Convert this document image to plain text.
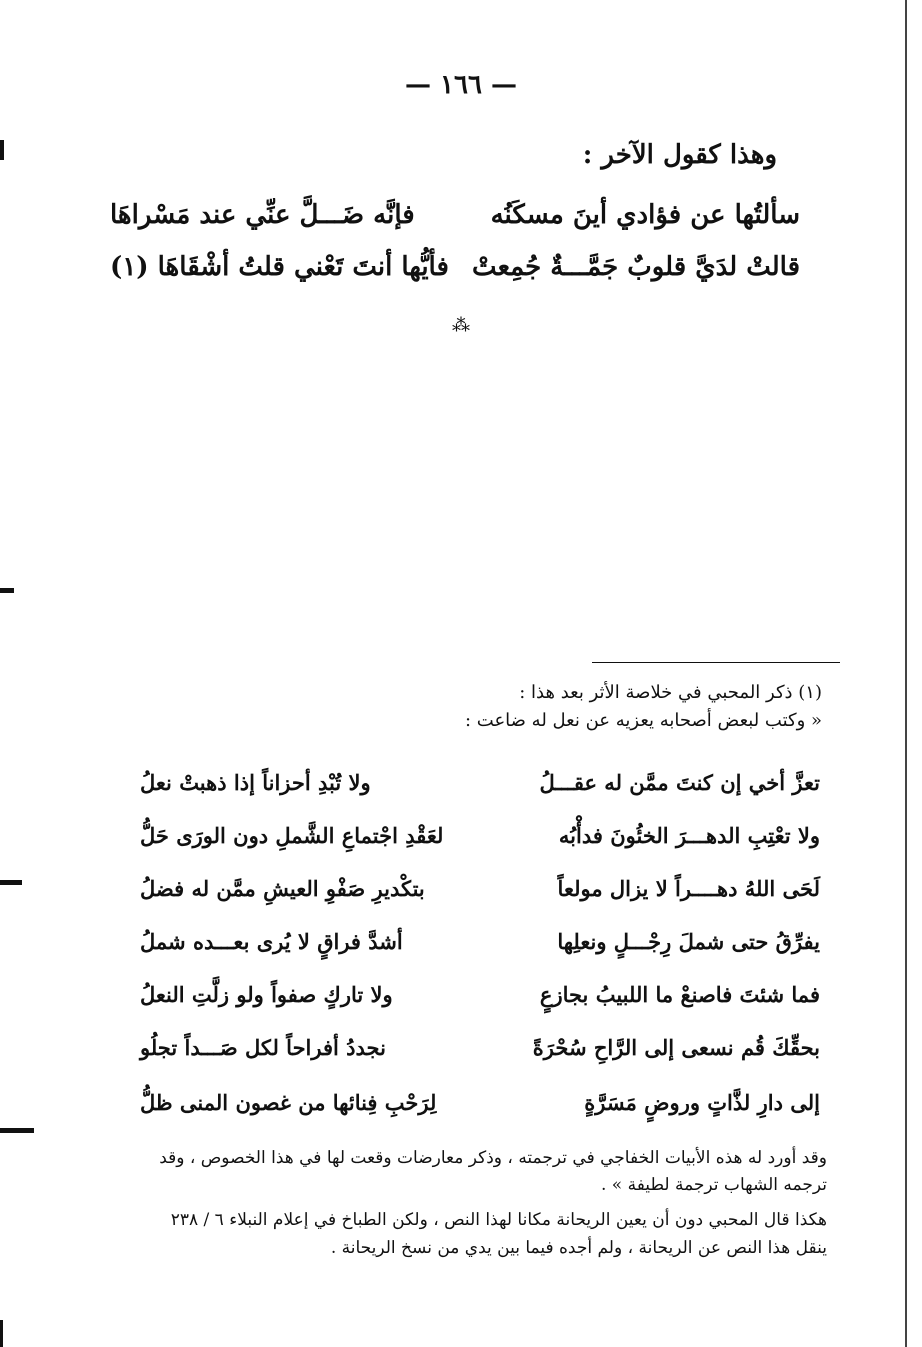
— ١٦٦ —
وهذا كقول الآخر :
سألتُها عن فؤادي أينَ مسكَنُه
فإنَّه ضَـــلَّ عنِّي عند مَسْراهَا
قالتْ لدَيَّ قلوبٌ جَمَّـــةٌ جُمِعتْ
فأيُّها أنتَ تَعْني قلتُ أشْقَاهَا (١)
⁂
(١) ذكر المحبي في خلاصة الأثر بعد هذا :
« وكتب لبعض أصحابه يعزيه عن نعل له ضاعت :
تعزَّ أخي إن كنتَ ممَّن له عقـــلُ
ولا تُبْدِ أحزاناً إذا ذهبتْ نعلُ
ولا تعْتِبِ الدهـــرَ الخئُونَ فدأْبُه
لعَقْدِ اجْتماعِ الشَّملِ دون الورَى حَلُّ
لَحَى اللهُ دهــــراً لا يزال مولعاً
بتكْديرِ صَفْوِ العيشِ ممَّن له فضلُ
يفرِّقُ حتى شملَ رِجْـــلٍ ونعلِها
أشدَّ فراقٍ لا يُرى بعـــده شملُ
فما شئتَ فاصنعْ ما اللبيبُ بجازعٍ
ولا تاركٍ صفواً ولو زلَّتِ النعلُ
بحقِّكَ قُم نسعى إلى الرَّاحِ سُحْرَةً
نجددُ أفراحاً لكل صَـــداً تجلُو
إلى دارِ لذَّاتٍ وروضٍ مَسَرَّةٍ
لِرَحْبِ فِنائها من غصون المنى ظلُّ
وقد أورد له هذه الأبيات الخفاجي في ترجمته ، وذكر معارضات وقعت لها في هذا الخصوص ، وقد
ترجمه الشهاب ترجمة لطيفة » .
هكذا قال المحبي دون أن يعين الريحانة مكانا لهذا النص ، ولكن الطباخ في إعلام النبلاء ٦ / ٢٣٨
ينقل هذا النص عن الريحانة ، ولم أجده فيما بين يدي من نسخ الريحانة .
